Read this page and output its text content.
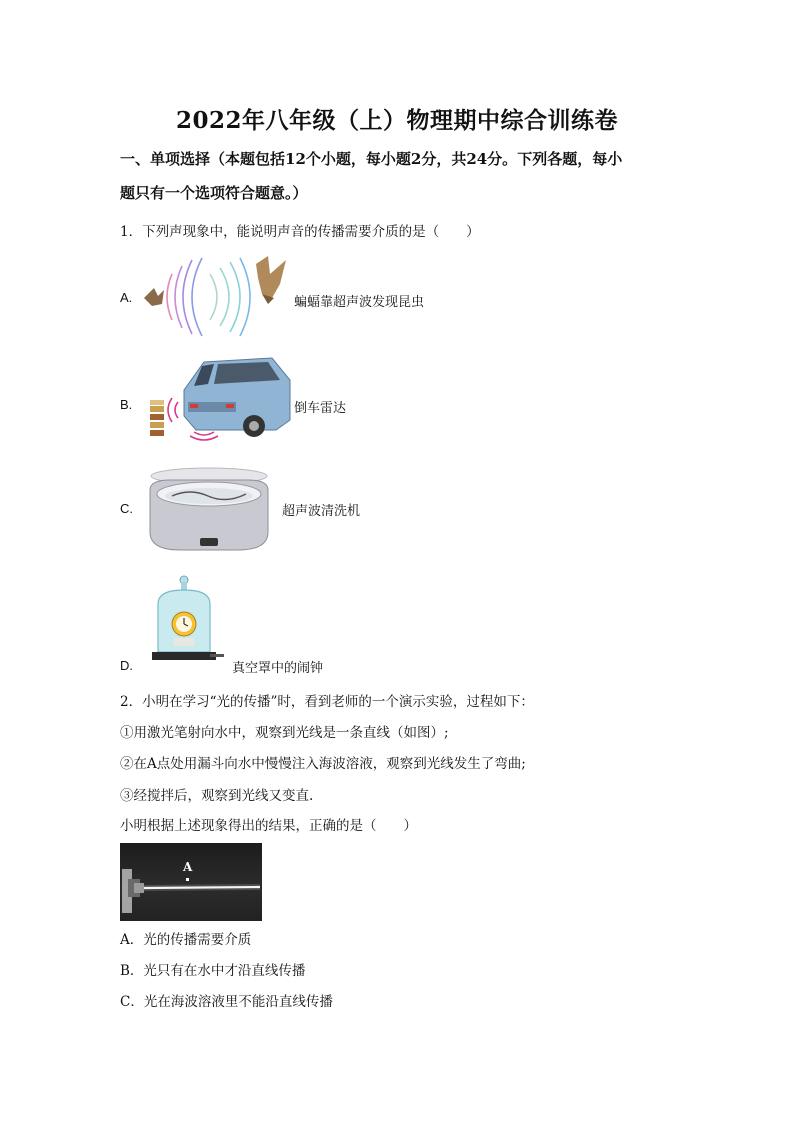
2022年八年级（上）物理期中综合训练卷
一、单项选择（本题包括12个小题，每小题2分，共24分。下列各题，每小
题只有一个选项符合题意。）
1．下列声现象中，能说明声音的传播需要介质的是（　　）
A.	蝙蝠靠超声波发现昆虫
B.	倒车雷达
C.	超声波清洗机
D.	真空罩中的闹钟
2．小明在学习“光的传播”时，看到老师的一个演示实验，过程如下：
①用激光笔射向水中，观察到光线是一条直线（如图）;
②在A点处用漏斗向水中慢慢注入海波溶液，观察到光线发生了弯曲;
③经搅拌后，观察到光线又变直.
小明根据上述现象得出的结果，正确的是（　　）
A
A．光的传播需要介质
B．光只有在水中才沿直线传播
C．光在海波溶液里不能沿直线传播
